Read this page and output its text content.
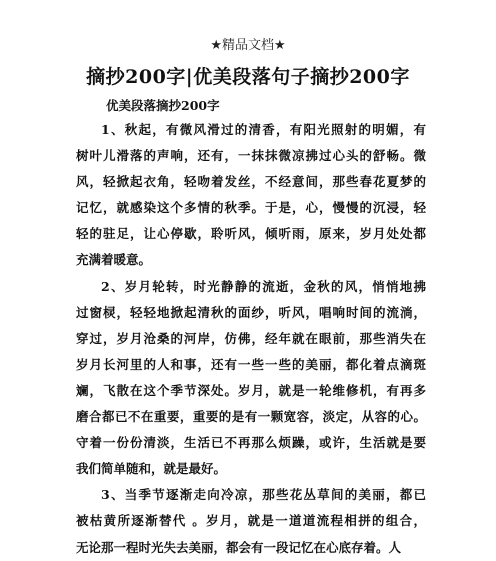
★精品文档★
摘抄200字|优美段落句子摘抄200字
优美段落摘抄200字

1、秋起，有微风滑过的清香，有阳光照射的明媚，有
树叶儿滑落的声响，还有，一抹抹微凉拂过心头的舒畅。微
风，轻掀起衣角，轻吻着发丝，不经意间，那些春花夏梦的
记忆，就感染这个多情的秋季。于是，心，慢慢的沉浸，轻
轻的驻足，让心停歇，聆听风，倾听雨，原来，岁月处处都
充满着暖意。

2、岁月轮转，时光静静的流逝，金秋的风，悄悄地拂
过窗棂，轻轻地掀起清秋的面纱，听风，唱响时间的流淌，
穿过，岁月沧桑的河岸，仿佛，经年就在眼前，那些消失在
岁月长河里的人和事，还有一些一些的美丽，都化着点滴斑
斓，飞散在这个季节深处。岁月，就是一轮维修机，有再多
磨合都已不在重要，重要的是有一颗宽容，淡定，从容的心。
守着一份份清淡，生活已不再那么烦躁，或许，生活就是要
我们简单随和，就是最好。

3、当季节逐渐走向冷凉，那些花丛草间的美丽，都已
被枯黄所逐渐替代 。岁月，就是一道道流程相拼的组合，
无论那一程时光失去美丽，都会有一段记忆在心底存着。人
